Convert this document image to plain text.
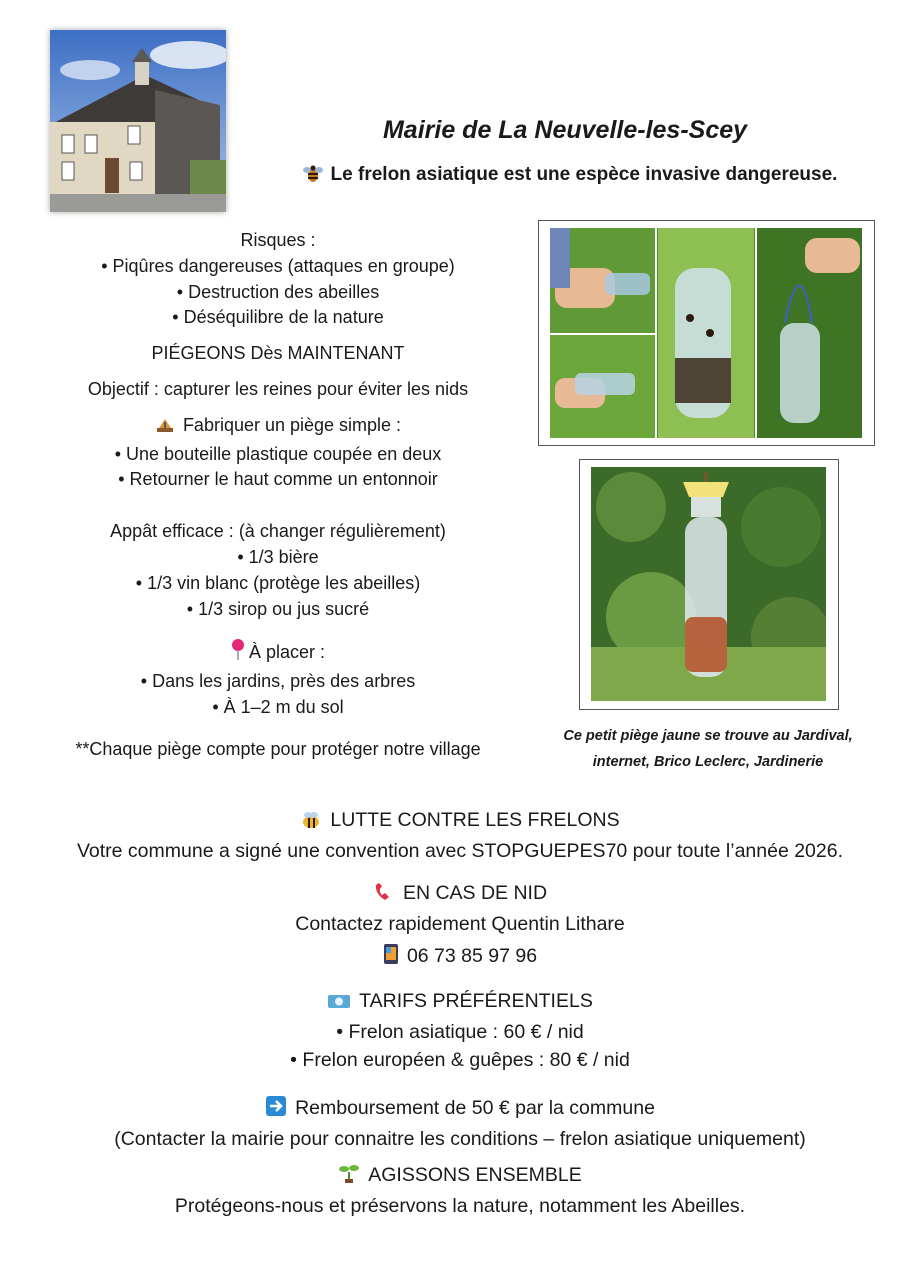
Mairie de La Neuvelle-les-Scey
Le frelon asiatique est une espèce invasive dangereuse.
Risques :
• Piqûres dangereuses (attaques en groupe)
• Destruction des abeilles
• Déséquilibre de la nature
PIÉGEONS Dès MAINTENANT
Objectif : capturer les reines pour éviter les nids
Fabriquer un piège simple :
• Une bouteille plastique coupée en deux
• Retourner le haut comme un entonnoir
Appât efficace : (à changer régulièrement)
• 1/3 bière
• 1/3 vin blanc (protège les abeilles)
• 1/3 sirop ou jus sucré
À placer :
• Dans les jardins, près des arbres
• À 1–2 m du sol
**Chaque piège compte pour protéger notre village
Ce petit piège jaune se trouve au Jardival,
internet, Brico Leclerc, Jardinerie
LUTTE CONTRE LES FRELONS
Votre commune a signé une convention avec STOPGUEPES70 pour toute l’année 2026.
EN CAS DE NID
Contactez rapidement Quentin Lithare
06 73 85 97 96
TARIFS PRÉFÉRENTIELS
• Frelon asiatique : 60 € / nid
• Frelon européen & guêpes : 80 € / nid
Remboursement de 50 € par la commune
(Contacter la mairie pour connaitre les conditions – frelon asiatique uniquement)
AGISSONS ENSEMBLE
Protégeons-nous et préservons la nature, notamment les Abeilles.
